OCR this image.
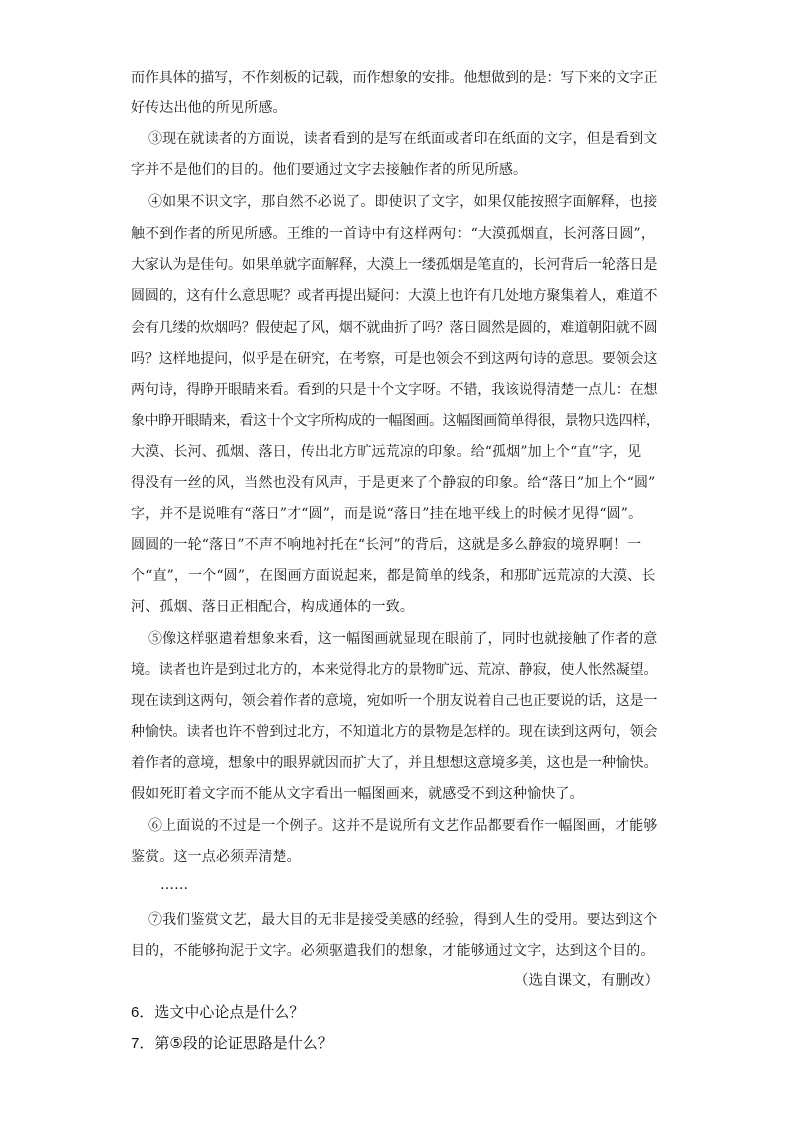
而作具体的描写，不作刻板的记载，而作想象的安排。他想做到的是：写下来的文字正
好传达出他的所见所感。
③现在就读者的方面说，读者看到的是写在纸面或者印在纸面的文字，但是看到文
字并不是他们的目的。他们要通过文字去接触作者的所见所感。
④如果不识文字，那自然不必说了。即使识了文字，如果仅能按照字面解释，也接
触不到作者的所见所感。王维的一首诗中有这样两句：“大漠孤烟直，长河落日圆”，
大家认为是佳句。如果单就字面解释，大漠上一缕孤烟是笔直的，长河背后一轮落日是
圆圆的，这有什么意思呢？或者再提出疑问：大漠上也许有几处地方聚集着人，难道不
会有几缕的炊烟吗？假使起了风，烟不就曲折了吗？落日圆然是圆的，难道朝阳就不圆
吗？这样地提问，似乎是在研究，在考察，可是也领会不到这两句诗的意思。要领会这
两句诗，得睁开眼睛来看。看到的只是十个文字呀。不错，我该说得清楚一点儿：在想
象中睁开眼睛来，看这十个文字所构成的一幅图画。这幅图画简单得很，景物只选四样，
大漠、长河、孤烟、落日，传出北方旷远荒凉的印象。给“孤烟”加上个“直”字，见
得没有一丝的风，当然也没有风声，于是更来了个静寂的印象。给“落日”加上个“圆”
字，并不是说唯有“落日”才“圆”，而是说“落日”挂在地平线上的时候才见得“圆”。
圆圆的一轮“落日”不声不响地衬托在“长河”的背后，这就是多么静寂的境界啊！一
个“直”，一个“圆”，在图画方面说起来，都是简单的线条，和那旷远荒凉的大漠、长
河、孤烟、落日正相配合，构成通体的一致。
⑤像这样驱遣着想象来看，这一幅图画就显现在眼前了，同时也就接触了作者的意
境。读者也许是到过北方的，本来觉得北方的景物旷远、荒凉、静寂，使人怅然凝望。
现在读到这两句，领会着作者的意境，宛如听一个朋友说着自己也正要说的话，这是一
种愉快。读者也许不曾到过北方，不知道北方的景物是怎样的。现在读到这两句，领会
着作者的意境，想象中的眼界就因而扩大了，并且想想这意境多美，这也是一种愉快。
假如死盯着文字而不能从文字看出一幅图画来，就感受不到这种愉快了。
⑥上面说的不过是一个例子。这并不是说所有文艺作品都要看作一幅图画，才能够
鉴赏。这一点必须弄清楚。
……
⑦我们鉴赏文艺，最大目的无非是接受美感的经验，得到人生的受用。要达到这个
目的，不能够拘泥于文字。必须驱遣我们的想象，才能够通过文字，达到这个目的。
（选自课文，有删改）
6．选文中心论点是什么？
7．第⑤段的论证思路是什么？
